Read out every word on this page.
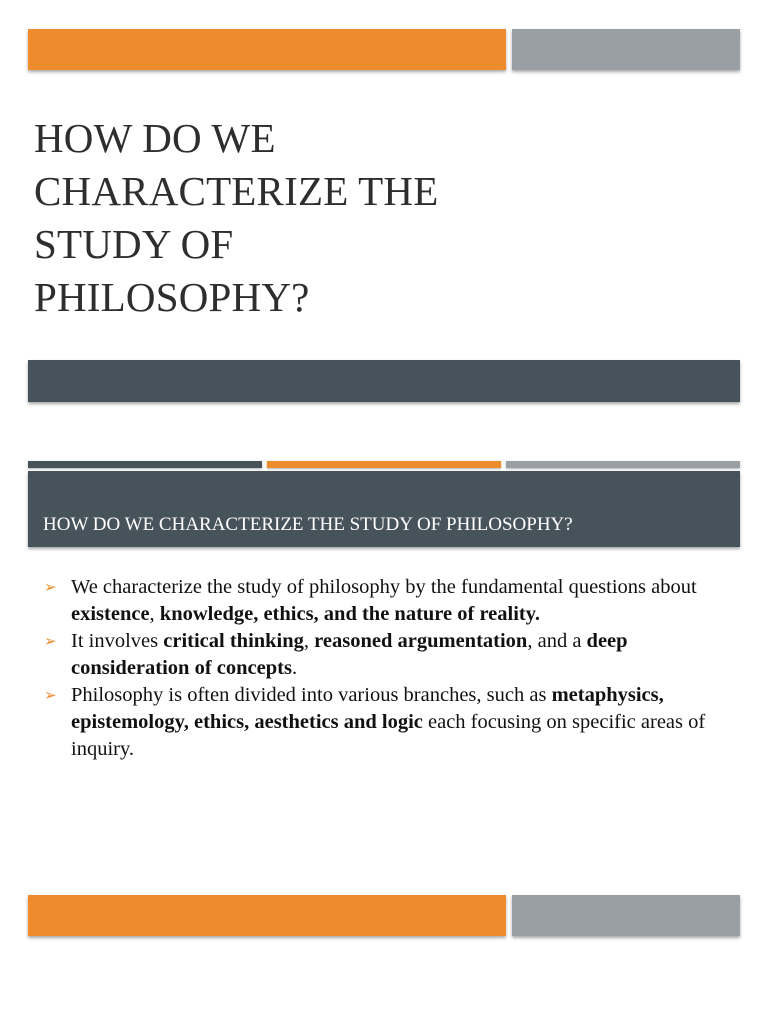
HOW DO WE
CHARACTERIZE THE
STUDY OF
PHILOSOPHY?
HOW DO WE CHARACTERIZE THE STUDY OF PHILOSOPHY?
➢ We characterize the study of philosophy by the fundamental questions about existence, knowledge, ethics, and the nature of reality.
➢ It involves critical thinking, reasoned argumentation, and a deep consideration of concepts.
➢ Philosophy is often divided into various branches, such as metaphysics, epistemology, ethics, aesthetics and logic each focusing on specific areas of inquiry.
